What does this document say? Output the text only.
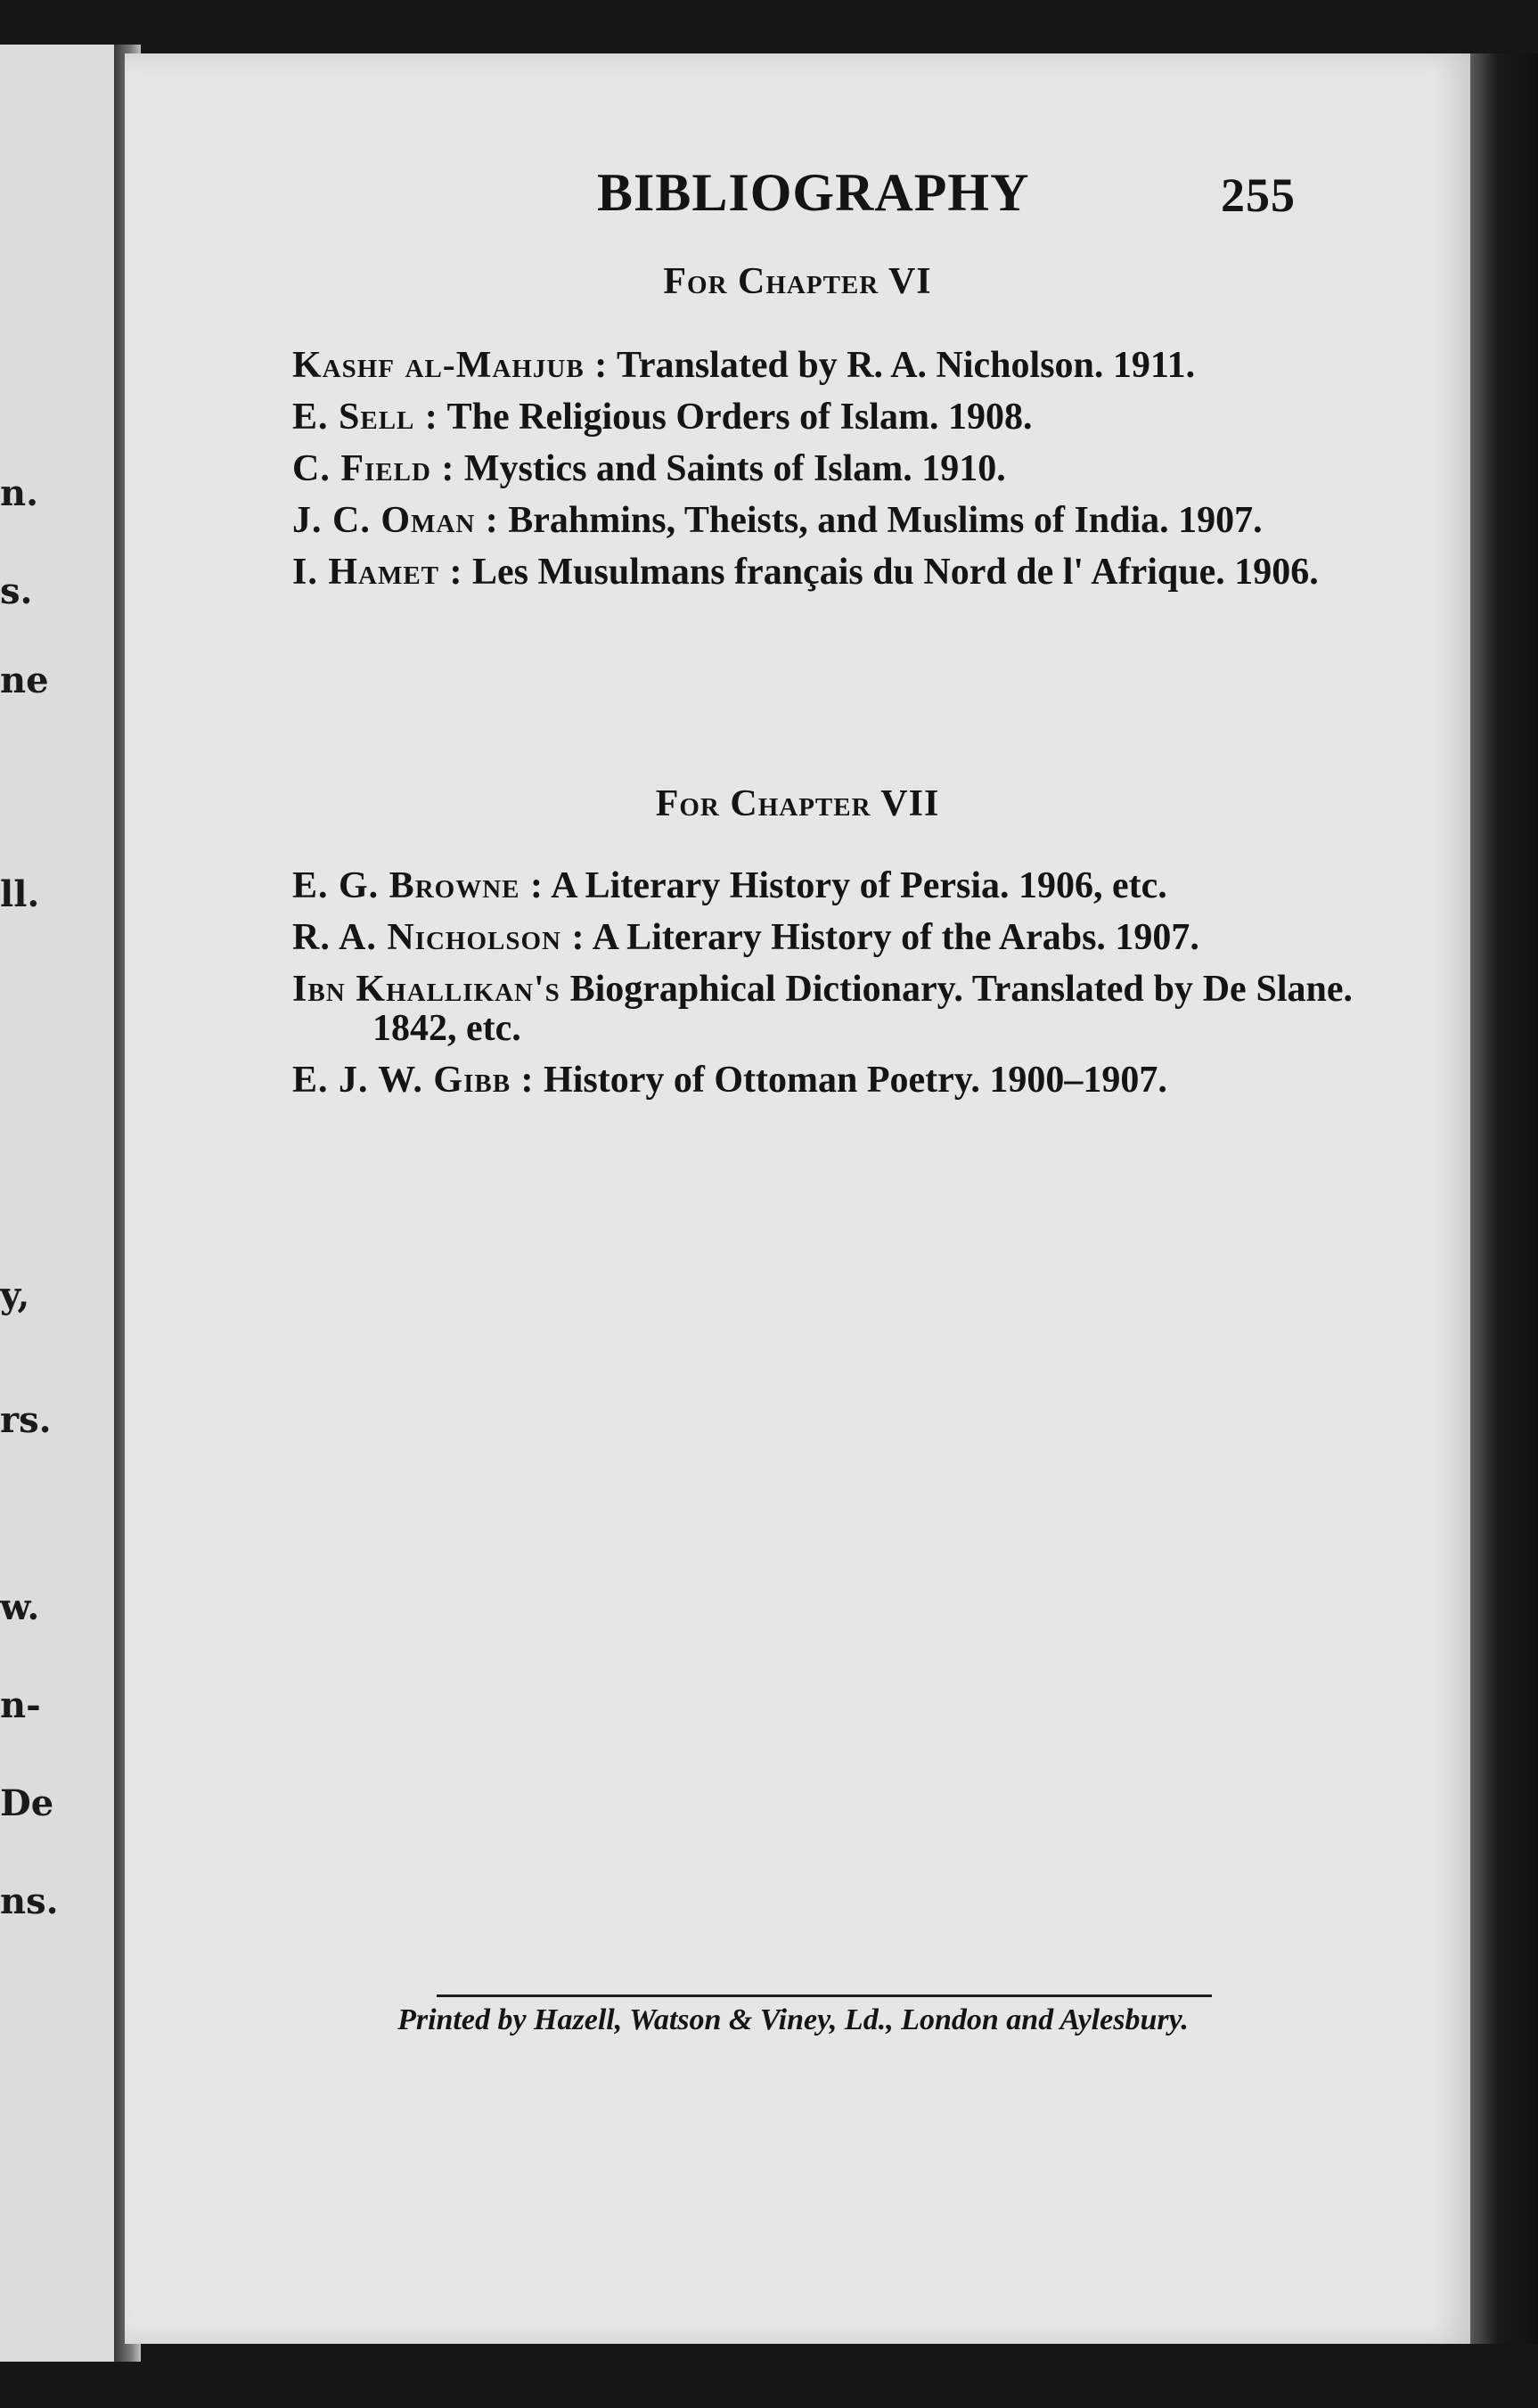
n.
s.
ne
ll.
y,
rs.
w.
n-
De
ns.
BIBLIOGRAPHY	255
For Chapter VI

Kashf al-Mahjub : Translated by R. A. Nicholson. 1911.

E. Sell : The Religious Orders of Islam. 1908.

C. Field : Mystics and Saints of Islam. 1910.

J. C. Oman : Brahmins, Theists, and Muslims of India. 1907.

I. Hamet : Les Musulmans français du Nord de l' Afrique. 1906.

For Chapter VII

E. G. Browne : A Literary History of Persia. 1906, etc.

R. A. Nicholson : A Literary History of the Arabs. 1907.

Ibn Khallikan's Biographical Dictionary. Translated by De Slane. 1842, etc.

E. J. W. Gibb : History of Ottoman Poetry. 1900–1907.

Printed by Hazell, Watson & Viney, Ld., London and Aylesbury.
